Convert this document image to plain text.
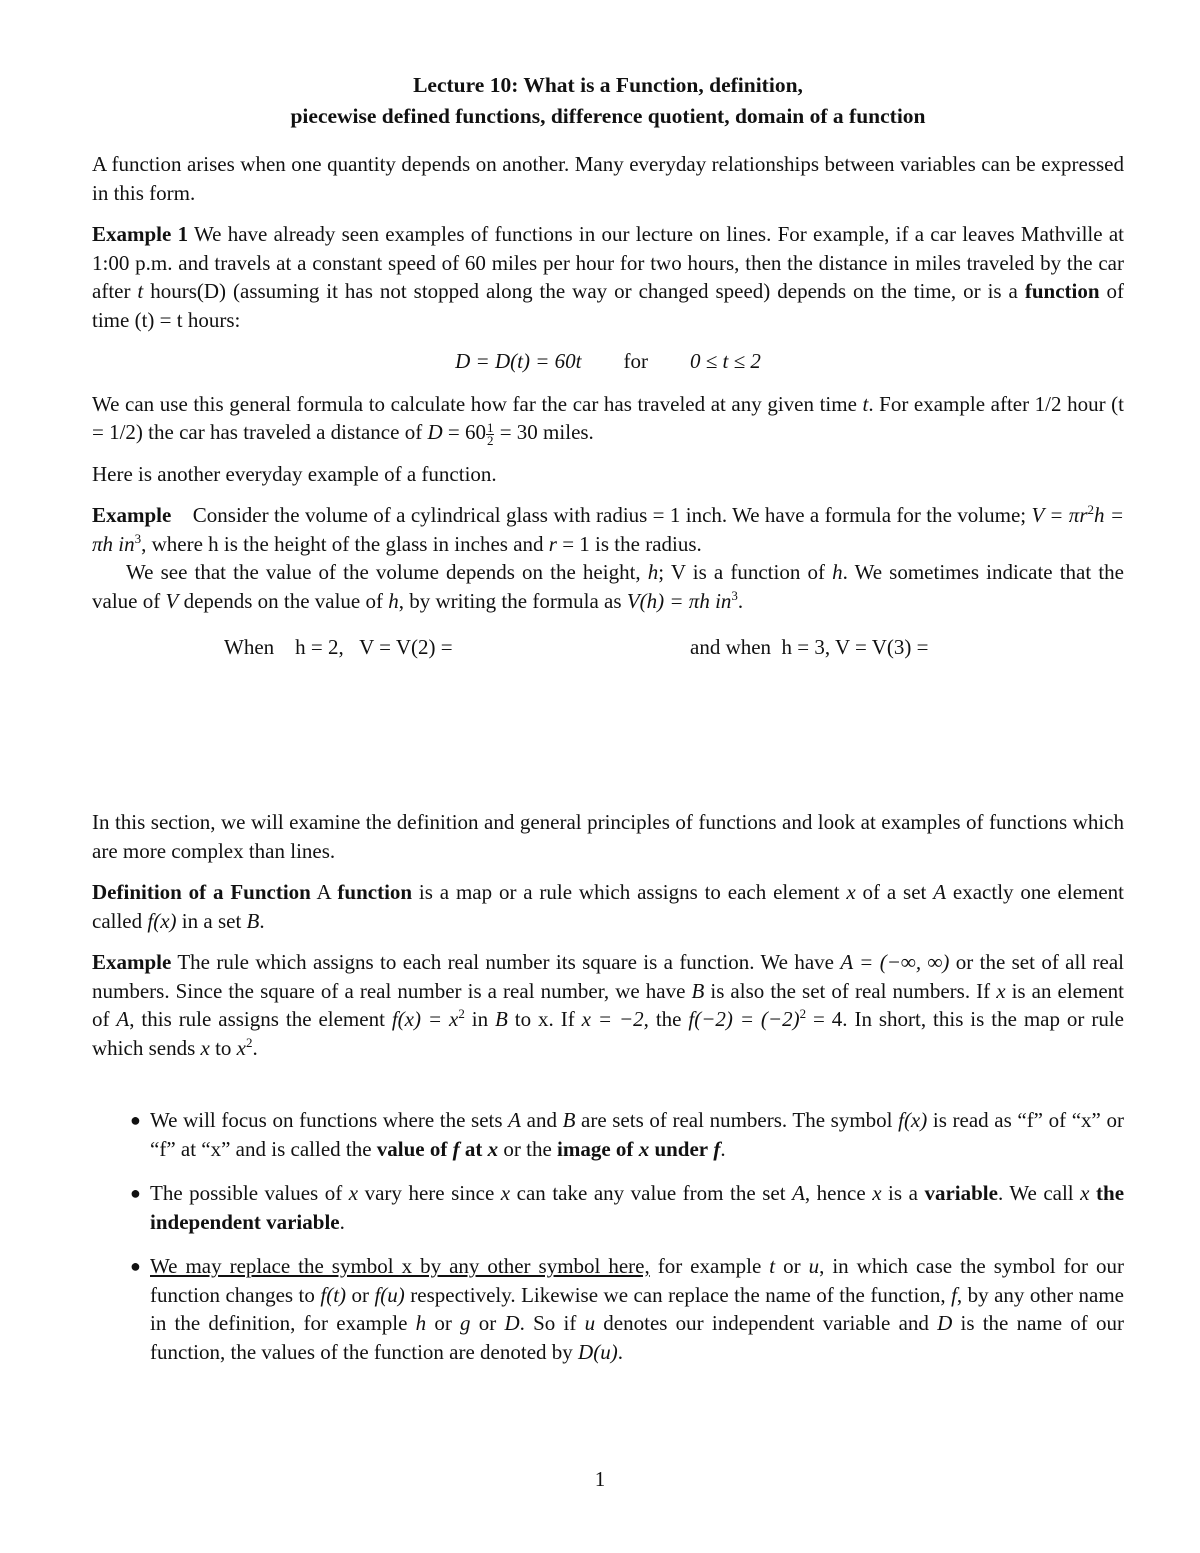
Lecture 10: What is a Function, definition,
piecewise defined functions, difference quotient, domain of a function

A function arises when one quantity depends on another. Many everyday relationships between variables can be expressed in this form.

Example 1 We have already seen examples of functions in our lecture on lines. For example, if a car leaves Mathville at 1:00 p.m. and travels at a constant speed of 60 miles per hour for two hours, then the distance in miles traveled by the car after t hours(D) (assuming it has not stopped along the way or changed speed) depends on the time, or is a function of time (t) = t hours:

D = D(t) = 60t for 0 ≤ t ≤ 2

We can use this general formula to calculate how far the car has traveled at any given time t. For example after 1/2 hour (t = 1/2) the car has traveled a distance of $D = 60 \frac{1}{2} = 30$ miles.

Here is another everyday example of a function.

Example Consider the volume of a cylindrical glass with radius = 1 inch. We have a formula for the volume; $V = \pi r^2h = \pi h$ $in^3$, where h is the height of the glass in inches and r = 1 is the radius.

We see that the value of the volume depends on the height, h; V is a function of h. We sometimes indicate that the value of V depends on the value of h, by writing the formula as V(h) = πh $in^3$.

When    h = 2,   V = V(2) =	and when  h = 3, V = V(3) =

In this section, we will examine the definition and general principles of functions and look at examples of functions which are more complex than lines.

Definition of a Function A function is a map or a rule which assigns to each element x of a set A exactly one element called f(x) in a set B.

Example The rule which assigns to each real number its square is a function. We have A = (−∞, ∞) or the set of all real numbers. Since the square of a real number is a real number, we have B is also the set of real numbers. If x is an element of A, this rule assigns the element $f(x) = x^2$ in B to x. If x = −2, the $f(-2) = (-2)^2 = 4$. In short, this is the map or rule which sends x to $x^2$.

● We will focus on functions where the sets A and B are sets of real numbers. The symbol f(x) is read as “f” of “x” or “f” at “x” and is called the value of f at x or the image of x under f.
● The possible values of x vary here since x can take any value from the set A, hence x is a variable. We call x the independent variable.
● We may replace the symbol x by any other symbol here, for example t or u, in which case the symbol for our function changes to f(t) or f(u) respectively. Likewise we can replace the name of the function, f, by any other name in the definition, for example h or g or D. So if u denotes our independent variable and D is the name of our function, the values of the function are denoted by D(u).
1
